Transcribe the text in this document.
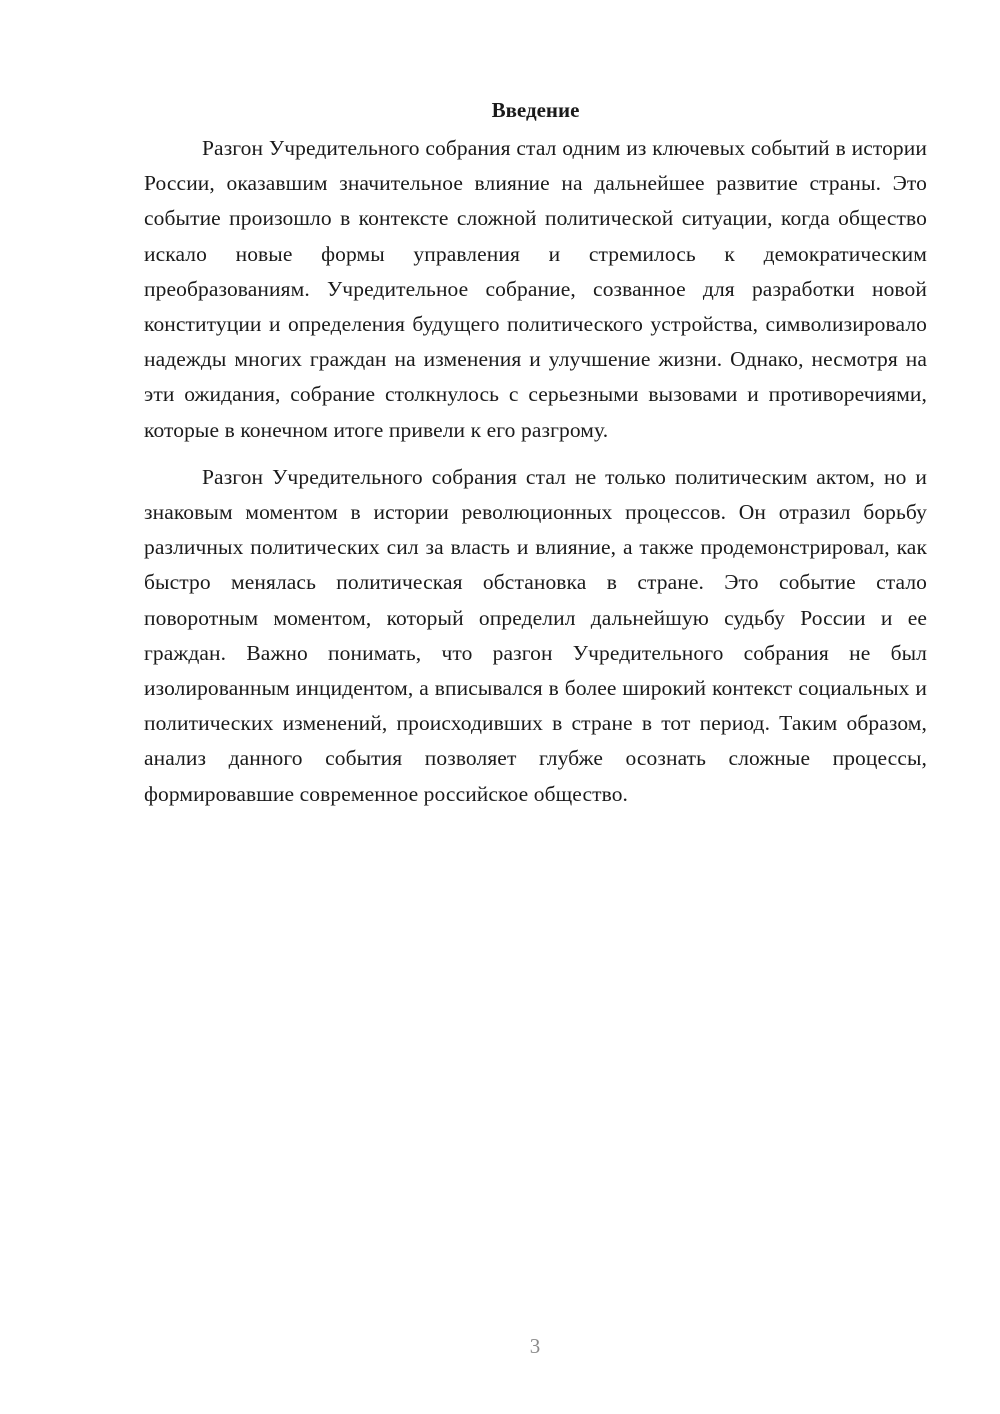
Введение

Разгон Учредительного собрания стал одним из ключевых событий в истории России, оказавшим значительное влияние на дальнейшее развитие страны. Это событие произошло в контексте сложной политической ситуации, когда общество искало новые формы управления и стремилось к демократическим преобразованиям. Учредительное собрание, созванное для разработки новой конституции и определения будущего политического устройства, символизировало надежды многих граждан на изменения и улучшение жизни. Однако, несмотря на эти ожидания, собрание столкнулось с серьезными вызовами и противоречиями, которые в конечном итоге привели к его разгрому.

Разгон Учредительного собрания стал не только политическим актом, но и знаковым моментом в истории революционных процессов. Он отразил борьбу различных политических сил за власть и влияние, а также продемонстрировал, как быстро менялась политическая обстановка в стране. Это событие стало поворотным моментом, который определил дальнейшую судьбу России и ее граждан. Важно понимать, что разгон Учредительного собрания не был изолированным инцидентом, а вписывался в более широкий контекст социальных и политических изменений, происходивших в стране в тот период. Таким образом, анализ данного события позволяет глубже осознать сложные процессы, формировавшие современное российское общество.

3
